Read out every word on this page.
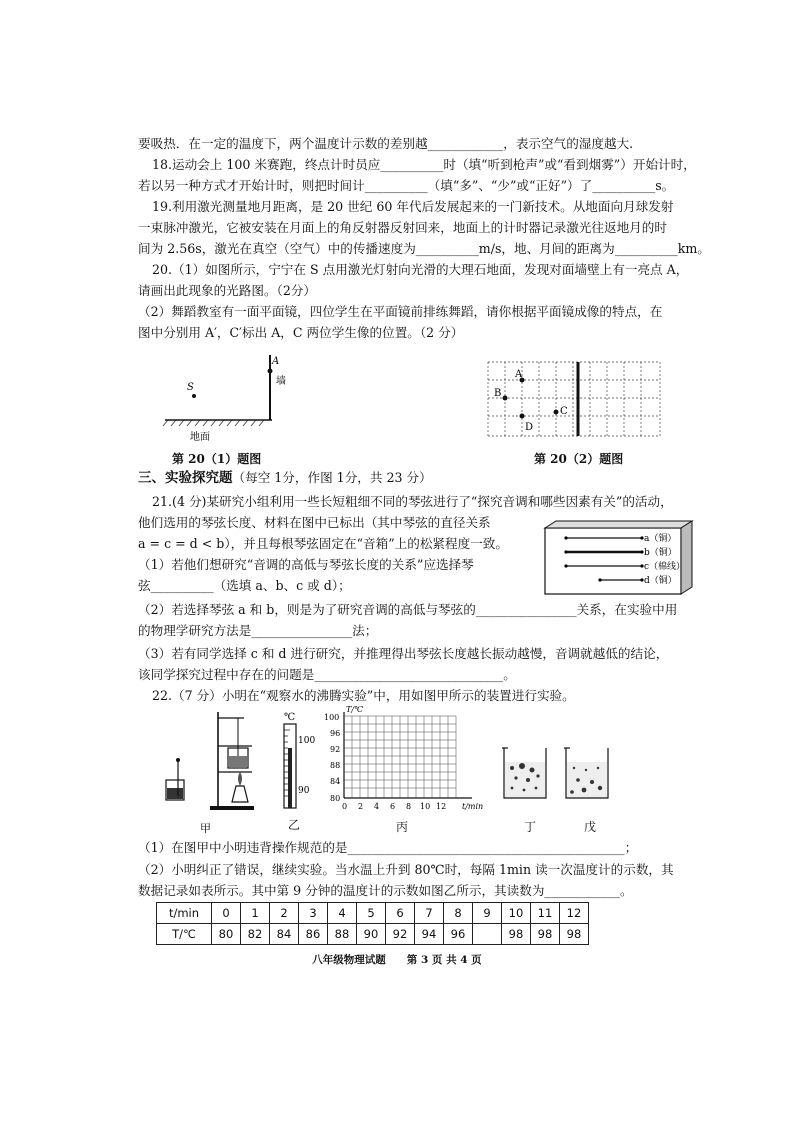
要吸热．在一定的温度下，两个温度计示数的差别越____________，表示空气的湿度越大.
18.运动会上 100 米赛跑，终点计时员应__________时（填“听到枪声”或“看到烟雾”）开始计时，
若以另一种方式才开始计时，则把时间计__________（填“多”、“少”或“正好”）了__________s。
19.利用激光测量地月距离，是 20 世纪 60 年代后发展起来的一门新技术。从地面向月球发射
一束脉冲激光，它被安装在月面上的角反射器反射回来，地面上的计时器记录激光往返地月的时
间为 2.56s，激光在真空（空气）中的传播速度为__________m/s，地、月间的距离为__________km。
20.（1）如图所示，宁宁在 S 点用激光灯射向光滑的大理石地面，发现对面墙壁上有一亮点 A，
请画出此现象的光路图。（2分）
（2）舞蹈教室有一面平面镜，四位学生在平面镜前排练舞蹈，请你根据平面镜成像的特点，在
图中分别用 A′，C′标出 A，C 两位学生像的位置。（2 分）
S
A
墙
地面
第 20（1）题图
A
B
C
D
第 20（2）题图
三、实验探究题（每空 1分，作图 1分，共 23 分）
21.(4 分)某研究小组利用一些长短粗细不同的琴弦进行了“探究音调和哪些因素有关”的活动，
他们选用的琴弦长度、材料在图中已标出（其中琴弦的直径关系
a = c = d < b），并且每根琴弦固定在“音箱”上的松紧程度一致。
（1）若他们想研究“音调的高低与琴弦长度的关系”应选择琴
弦__________（选填 a、b、c 或 d）；
（2）若选择琴弦 a 和 b，则是为了研究音调的高低与琴弦的________________关系，在实验中用
的物理学研究方法是________________法；
（3）若有同学选择 c 和 d 进行研究，并推理得出琴弦长度越长振动越慢，音调就越低的结论，
该同学探究过程中存在的问题是______________________________。
a（铜）
b（铜）
c（棉线）
d（铜）
22.（7 分）小明在“观察水的沸腾实验”中，用如图甲所示的装置进行实验。
甲
℃
100
90
乙
T/℃
100
96
92
88
84
80
0 2 4 6 8 10 12 t/min
丙	丁	戊
（1）在图甲中小明违背操作规范的是____________________________________________；
（2）小明纠正了错误，继续实验。当水温上升到 80℃时，每隔 1min 读一次温度计的示数，其
数据记录如表所示。其中第 9 分钟的温度计的示数如图乙所示，其读数为____________。
t/min	0	1	2	3	4	5	6	7	8	9	10	11	12
T/℃	80	82	84	86	88	90	92	94	96		98	98	98
八年级物理试题　　第 3 页 共 4 页
